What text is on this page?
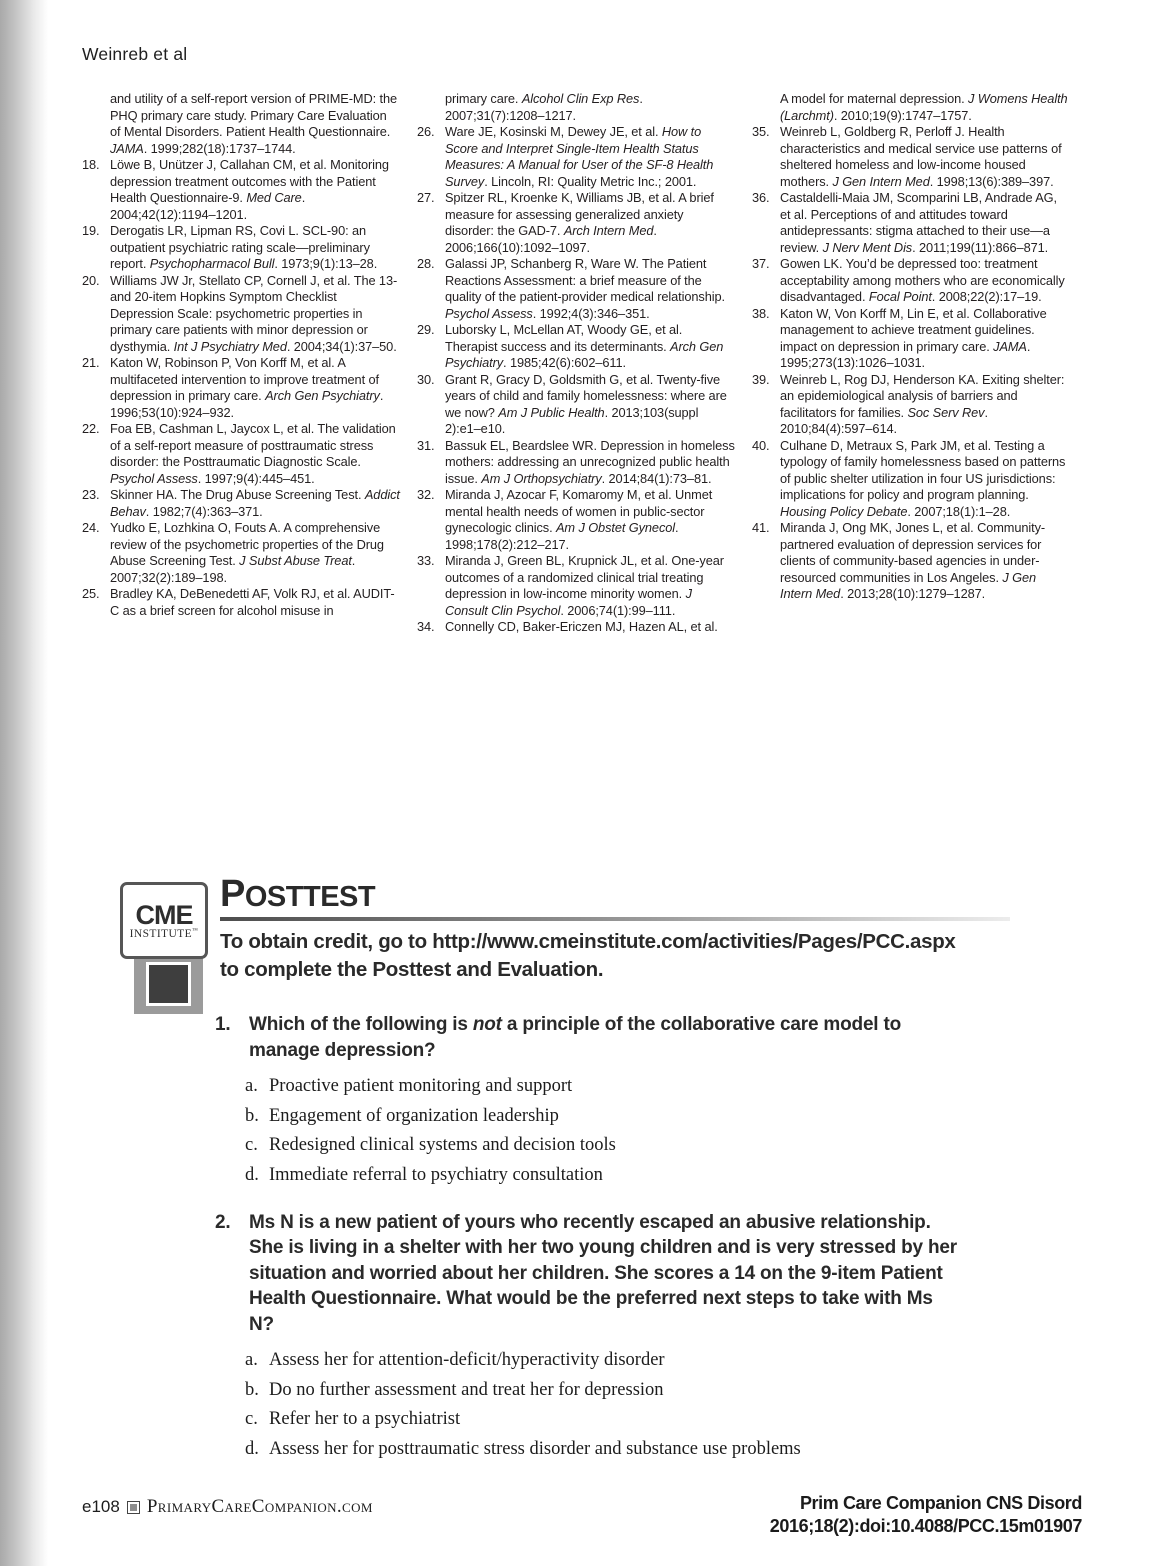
Weinreb et al
and utility of a self-report version of PRIME-MD: the PHQ primary care study. Primary Care Evaluation of Mental Disorders. Patient Health Questionnaire. JAMA. 1999;282(18):1737–1744.
18. Löwe B, Unützer J, Callahan CM, et al. Monitoring depression treatment outcomes with the Patient Health Questionnaire-9. Med Care. 2004;42(12):1194–1201.
19. Derogatis LR, Lipman RS, Covi L. SCL-90: an outpatient psychiatric rating scale—preliminary report. Psychopharmacol Bull. 1973;9(1):13–28.
20. Williams JW Jr, Stellato CP, Cornell J, et al. The 13- and 20-item Hopkins Symptom Checklist Depression Scale: psychometric properties in primary care patients with minor depression or dysthymia. Int J Psychiatry Med. 2004;34(1):37–50.
21. Katon W, Robinson P, Von Korff M, et al. A multifaceted intervention to improve treatment of depression in primary care. Arch Gen Psychiatry. 1996;53(10):924–932.
22. Foa EB, Cashman L, Jaycox L, et al. The validation of a self-report measure of posttraumatic stress disorder: the Posttraumatic Diagnostic Scale. Psychol Assess. 1997;9(4):445–451.
23. Skinner HA. The Drug Abuse Screening Test. Addict Behav. 1982;7(4):363–371.
24. Yudko E, Lozhkina O, Fouts A. A comprehensive review of the psychometric properties of the Drug Abuse Screening Test. J Subst Abuse Treat. 2007;32(2):189–198.
25. Bradley KA, DeBenedetti AF, Volk RJ, et al. AUDIT-C as a brief screen for alcohol misuse in
primary care. Alcohol Clin Exp Res. 2007;31(7):1208–1217.
26. Ware JE, Kosinski M, Dewey JE, et al. How to Score and Interpret Single-Item Health Status Measures: A Manual for User of the SF-8 Health Survey. Lincoln, RI: Quality Metric Inc.; 2001.
27. Spitzer RL, Kroenke K, Williams JB, et al. A brief measure for assessing generalized anxiety disorder: the GAD-7. Arch Intern Med. 2006;166(10):1092–1097.
28. Galassi JP, Schanberg R, Ware W. The Patient Reactions Assessment: a brief measure of the quality of the patient-provider medical relationship. Psychol Assess. 1992;4(3):346–351.
29. Luborsky L, McLellan AT, Woody GE, et al. Therapist success and its determinants. Arch Gen Psychiatry. 1985;42(6):602–611.
30. Grant R, Gracy D, Goldsmith G, et al. Twenty-five years of child and family homelessness: where are we now? Am J Public Health. 2013;103(suppl 2):e1–e10.
31. Bassuk EL, Beardslee WR. Depression in homeless mothers: addressing an unrecognized public health issue. Am J Orthopsychiatry. 2014;84(1):73–81.
32. Miranda J, Azocar F, Komaromy M, et al. Unmet mental health needs of women in public-sector gynecologic clinics. Am J Obstet Gynecol. 1998;178(2):212–217.
33. Miranda J, Green BL, Krupnick JL, et al. One-year outcomes of a randomized clinical trial treating depression in low-income minority women. J Consult Clin Psychol. 2006;74(1):99–111.
34. Connelly CD, Baker-Ericzen MJ, Hazen AL, et al.
A model for maternal depression. J Womens Health (Larchmt). 2010;19(9):1747–1757.
35. Weinreb L, Goldberg R, Perloff J. Health characteristics and medical service use patterns of sheltered homeless and low-income housed mothers. J Gen Intern Med. 1998;13(6):389–397.
36. Castaldelli-Maia JM, Scomparini LB, Andrade AG, et al. Perceptions of and attitudes toward antidepressants: stigma attached to their use—a review. J Nerv Ment Dis. 2011;199(11):866–871.
37. Gowen LK. You’d be depressed too: treatment acceptability among mothers who are economically disadvantaged. Focal Point. 2008;22(2):17–19.
38. Katon W, Von Korff M, Lin E, et al. Collaborative management to achieve treatment guidelines. impact on depression in primary care. JAMA. 1995;273(13):1026–1031.
39. Weinreb L, Rog DJ, Henderson KA. Exiting shelter: an epidemiological analysis of barriers and facilitators for families. Soc Serv Rev. 2010;84(4):597–614.
40. Culhane D, Metraux S, Park JM, et al. Testing a typology of family homelessness based on patterns of public shelter utilization in four US jurisdictions: implications for policy and program planning. Housing Policy Debate. 2007;18(1):1–28.
41. Miranda J, Ong MK, Jones L, et al. Community-partnered evaluation of depression services for clients of community-based agencies in under-resourced communities in Los Angeles. J Gen Intern Med. 2013;28(10):1279–1287.
CME
INSTITUTE™
POSTTEST
To obtain credit, go to http://www.cmeinstitute.com/activities/Pages/PCC.aspx
to complete the Posttest and Evaluation.
1. Which of the following is not a principle of the collaborative care model to manage depression?
a. Proactive patient monitoring and support
b. Engagement of organization leadership
c. Redesigned clinical systems and decision tools
d. Immediate referral to psychiatry consultation
2. Ms N is a new patient of yours who recently escaped an abusive relationship. She is living in a shelter with her two young children and is very stressed by her situation and worried about her children. She scores a 14 on the 9-item Patient Health Questionnaire. What would be the preferred next steps to take with Ms N?
a. Assess her for attention-deficit/hyperactivity disorder
b. Do no further assessment and treat her for depression
c. Refer her to a psychiatrist
d. Assess her for posttraumatic stress disorder and substance use problems
e108 PrimaryCareCompanion.com	Prim Care Companion CNS Disord
2016;18(2):doi:10.4088/PCC.15m01907
